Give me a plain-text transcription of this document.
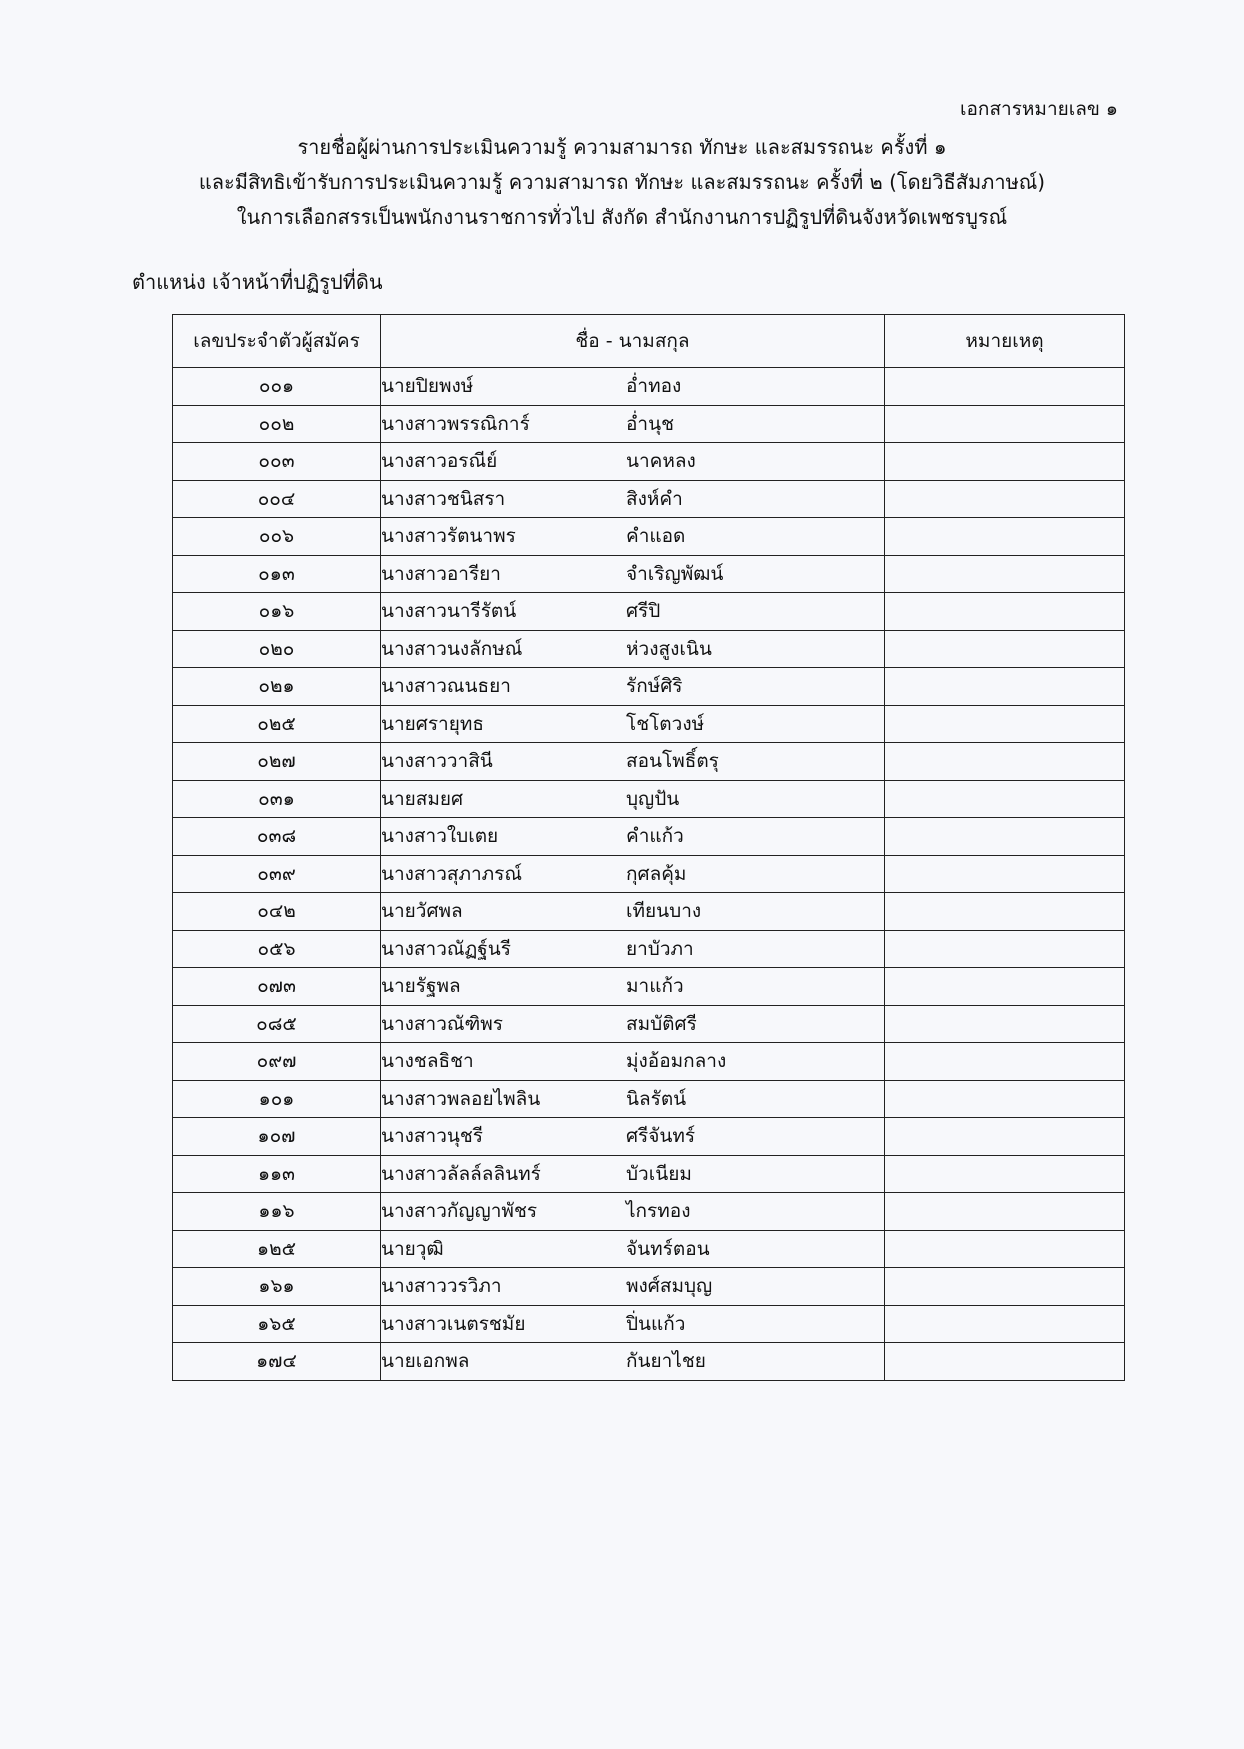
เอกสารหมายเลข ๑
รายชื่อผู้ผ่านการประเมินความรู้ ความสามารถ ทักษะ และสมรรถนะ ครั้งที่ ๑
และมีสิทธิเข้ารับการประเมินความรู้ ความสามารถ ทักษะ และสมรรถนะ ครั้งที่ ๒ (โดยวิธีสัมภาษณ์)
ในการเลือกสรรเป็นพนักงานราชการทั่วไป สังกัด สำนักงานการปฏิรูปที่ดินจังหวัดเพชรบูรณ์
ตำแหน่ง เจ้าหน้าที่ปฏิรูปที่ดิน
เลขประจำตัวผู้สมัคร	ชื่อ - นามสกุล	หมายเหตุ
๐๐๑	นายปิยพงษ์ อ่ำทอง	
๐๐๒	นางสาวพรรณิการ์ อ่ำนุช	
๐๐๓	นางสาวอรณีย์ นาคหลง	
๐๐๔	นางสาวชนิสรา สิงห์คำ	
๐๐๖	นางสาวรัตนาพร คำแอด	
๐๑๓	นางสาวอารียา จำเริญพัฒน์	
๐๑๖	นางสาวนารีรัตน์ ศรีปิ	
๐๒๐	นางสาวนงลักษณ์ ห่วงสูงเนิน	
๐๒๑	นางสาวณนธยา รักษ์ศิริ	
๐๒๕	นายศรายุทธ โชโตวงษ์	
๐๒๗	นางสาววาสินี สอนโพธิ์ตรุ	
๐๓๑	นายสมยศ บุญปัน	
๐๓๘	นางสาวใบเตย คำแก้ว	
๐๓๙	นางสาวสุภาภรณ์ กุศลคุ้ม	
๐๔๒	นายวัศพล เทียนบาง	
๐๕๖	นางสาวณัฏฐ์นรี ยาบัวภา	
๐๗๓	นายรัฐพล มาแก้ว	
๐๘๕	นางสาวณัฑิพร สมบัติศรี	
๐๙๗	นางชลธิชา มุ่งอ้อมกลาง	
๑๐๑	นางสาวพลอยไพลิน นิลรัตน์	
๑๐๗	นางสาวนุชรี ศรีจันทร์	
๑๑๓	นางสาวลัลล์ลลินทร์ บัวเนียม	
๑๑๖	นางสาวกัญญาพัชร ไกรทอง	
๑๒๕	นายวุฒิ จันทร์ตอน	
๑๖๑	นางสาววรวิภา พงศ์สมบุญ	
๑๖๕	นางสาวเนตรชมัย ปิ่นแก้ว	
๑๗๔	นายเอกพล กันยาไชย	
